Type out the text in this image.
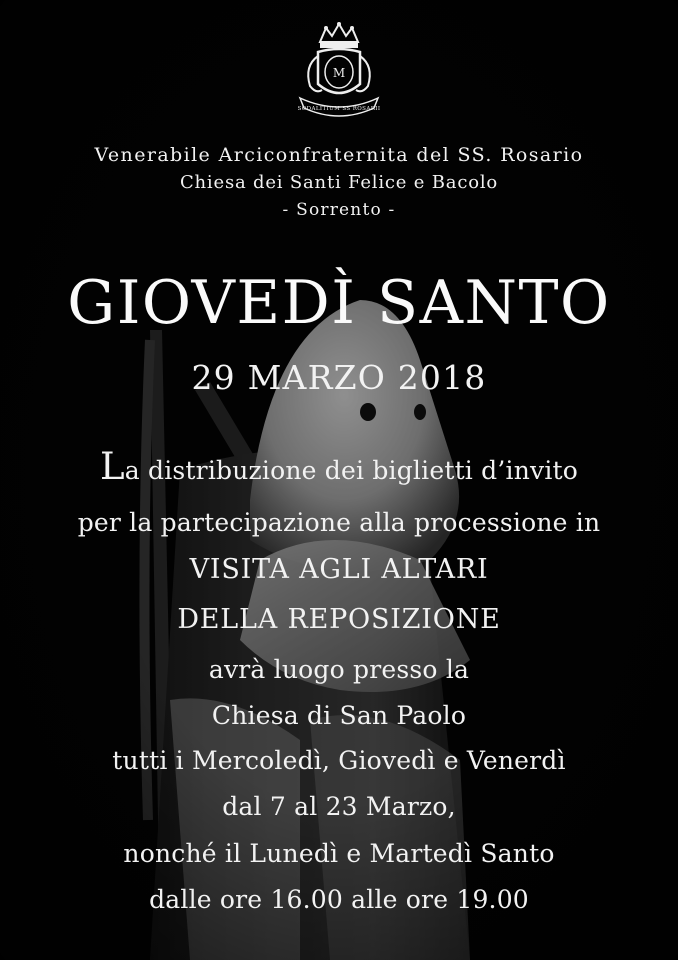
M
SODALITIUM SS ROSARII
Venerabile Arciconfraternita del SS. Rosario
Chiesa dei Santi Felice e Bacolo
- Sorrento -
GIOVEDÌ SANTO
29 MARZO 2018
La distribuzione dei biglietti d’invito
per la partecipazione alla processione in
VISITA AGLI ALTARI
DELLA REPOSIZIONE
avrà luogo presso la
Chiesa di San Paolo
tutti i Mercoledì, Giovedì e Venerdì
dal 7 al 23 Marzo,
nonché il Lunedì e Martedì Santo
dalle ore 16.00 alle ore 19.00
